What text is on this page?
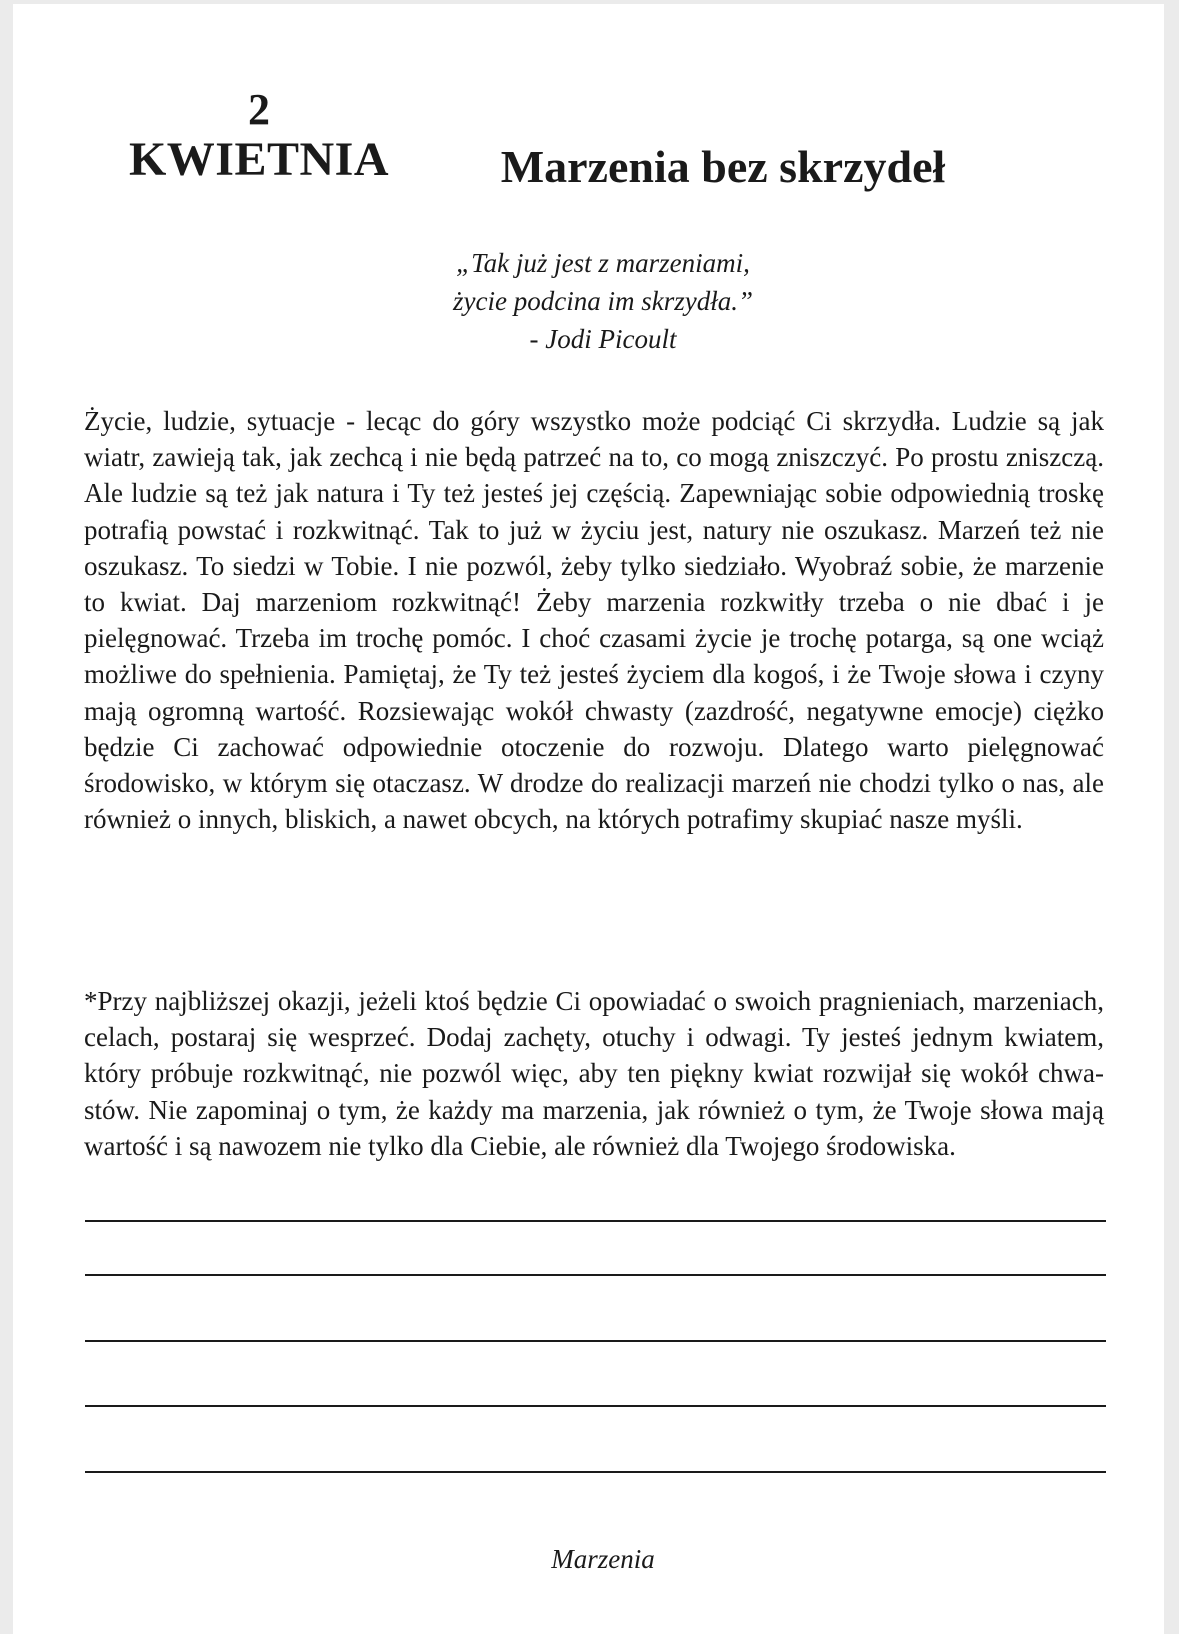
2
KWIETNIA	Marzenia bez skrzydeł
„Tak już jest z marzeniami,
życie podcina im skrzydła.”
- Jodi Picoult

Życie, ludzie, sytuacje - lecąc do góry wszystko może podciąć Ci skrzydła. Ludzie są jak wiatr, zawieją tak, jak zechcą i nie będą patrzeć na to, co mogą zniszczyć. Po prostu zniszczą. Ale ludzie są też jak natura i Ty też jesteś jej częścią. Zapewniając sobie odpowiednią troskę potrafią powstać i rozkwitnąć. Tak to już w życiu jest, natury nie oszukasz. Marzeń też nie oszukasz. To siedzi w Tobie. I nie pozwól, żeby tylko siedziało. Wyobraź sobie, że marzenie to kwiat. Daj marzeniom rozkwitnąć! Żeby marzenia rozkwitły trzeba o nie dbać i je pielęgnować. Trzeba im trochę pomóc. I choć czasami życie je trochę potarga, są one wciąż możliwe do spełnienia. Pamiętaj, że Ty też jesteś życiem dla kogoś, i że Twoje słowa i czyny mają ogromną wartość. Rozsiewając wokół chwasty (zazdrość, negatywne emocje) ciężko będzie Ci zachować odpowiednie otoczenie do rozwoju. Dlatego warto pielęgnować środowisko, w którym się otaczasz. W drodze do realizacji marzeń nie chodzi tylko o nas, ale również o innych, bliskich, a nawet obcych, na których potrafimy skupiać nasze myśli.

*Przy najbliższej okazji, jeżeli ktoś będzie Ci opowiadać o swoich pragnieniach, marzeniach, celach, postaraj się wesprzeć. Dodaj zachęty, otuchy i odwagi. Ty jesteś jednym kwiatem, który próbuje rozkwitnąć, nie pozwól więc, aby ten piękny kwiat rozwijał się wokół chwastów. Nie zapominaj o tym, że każdy ma marzenia, jak również o tym, że Twoje słowa mają wartość i są nawozem nie tylko dla Ciebie, ale również dla Twojego środowiska.

Marzenia
